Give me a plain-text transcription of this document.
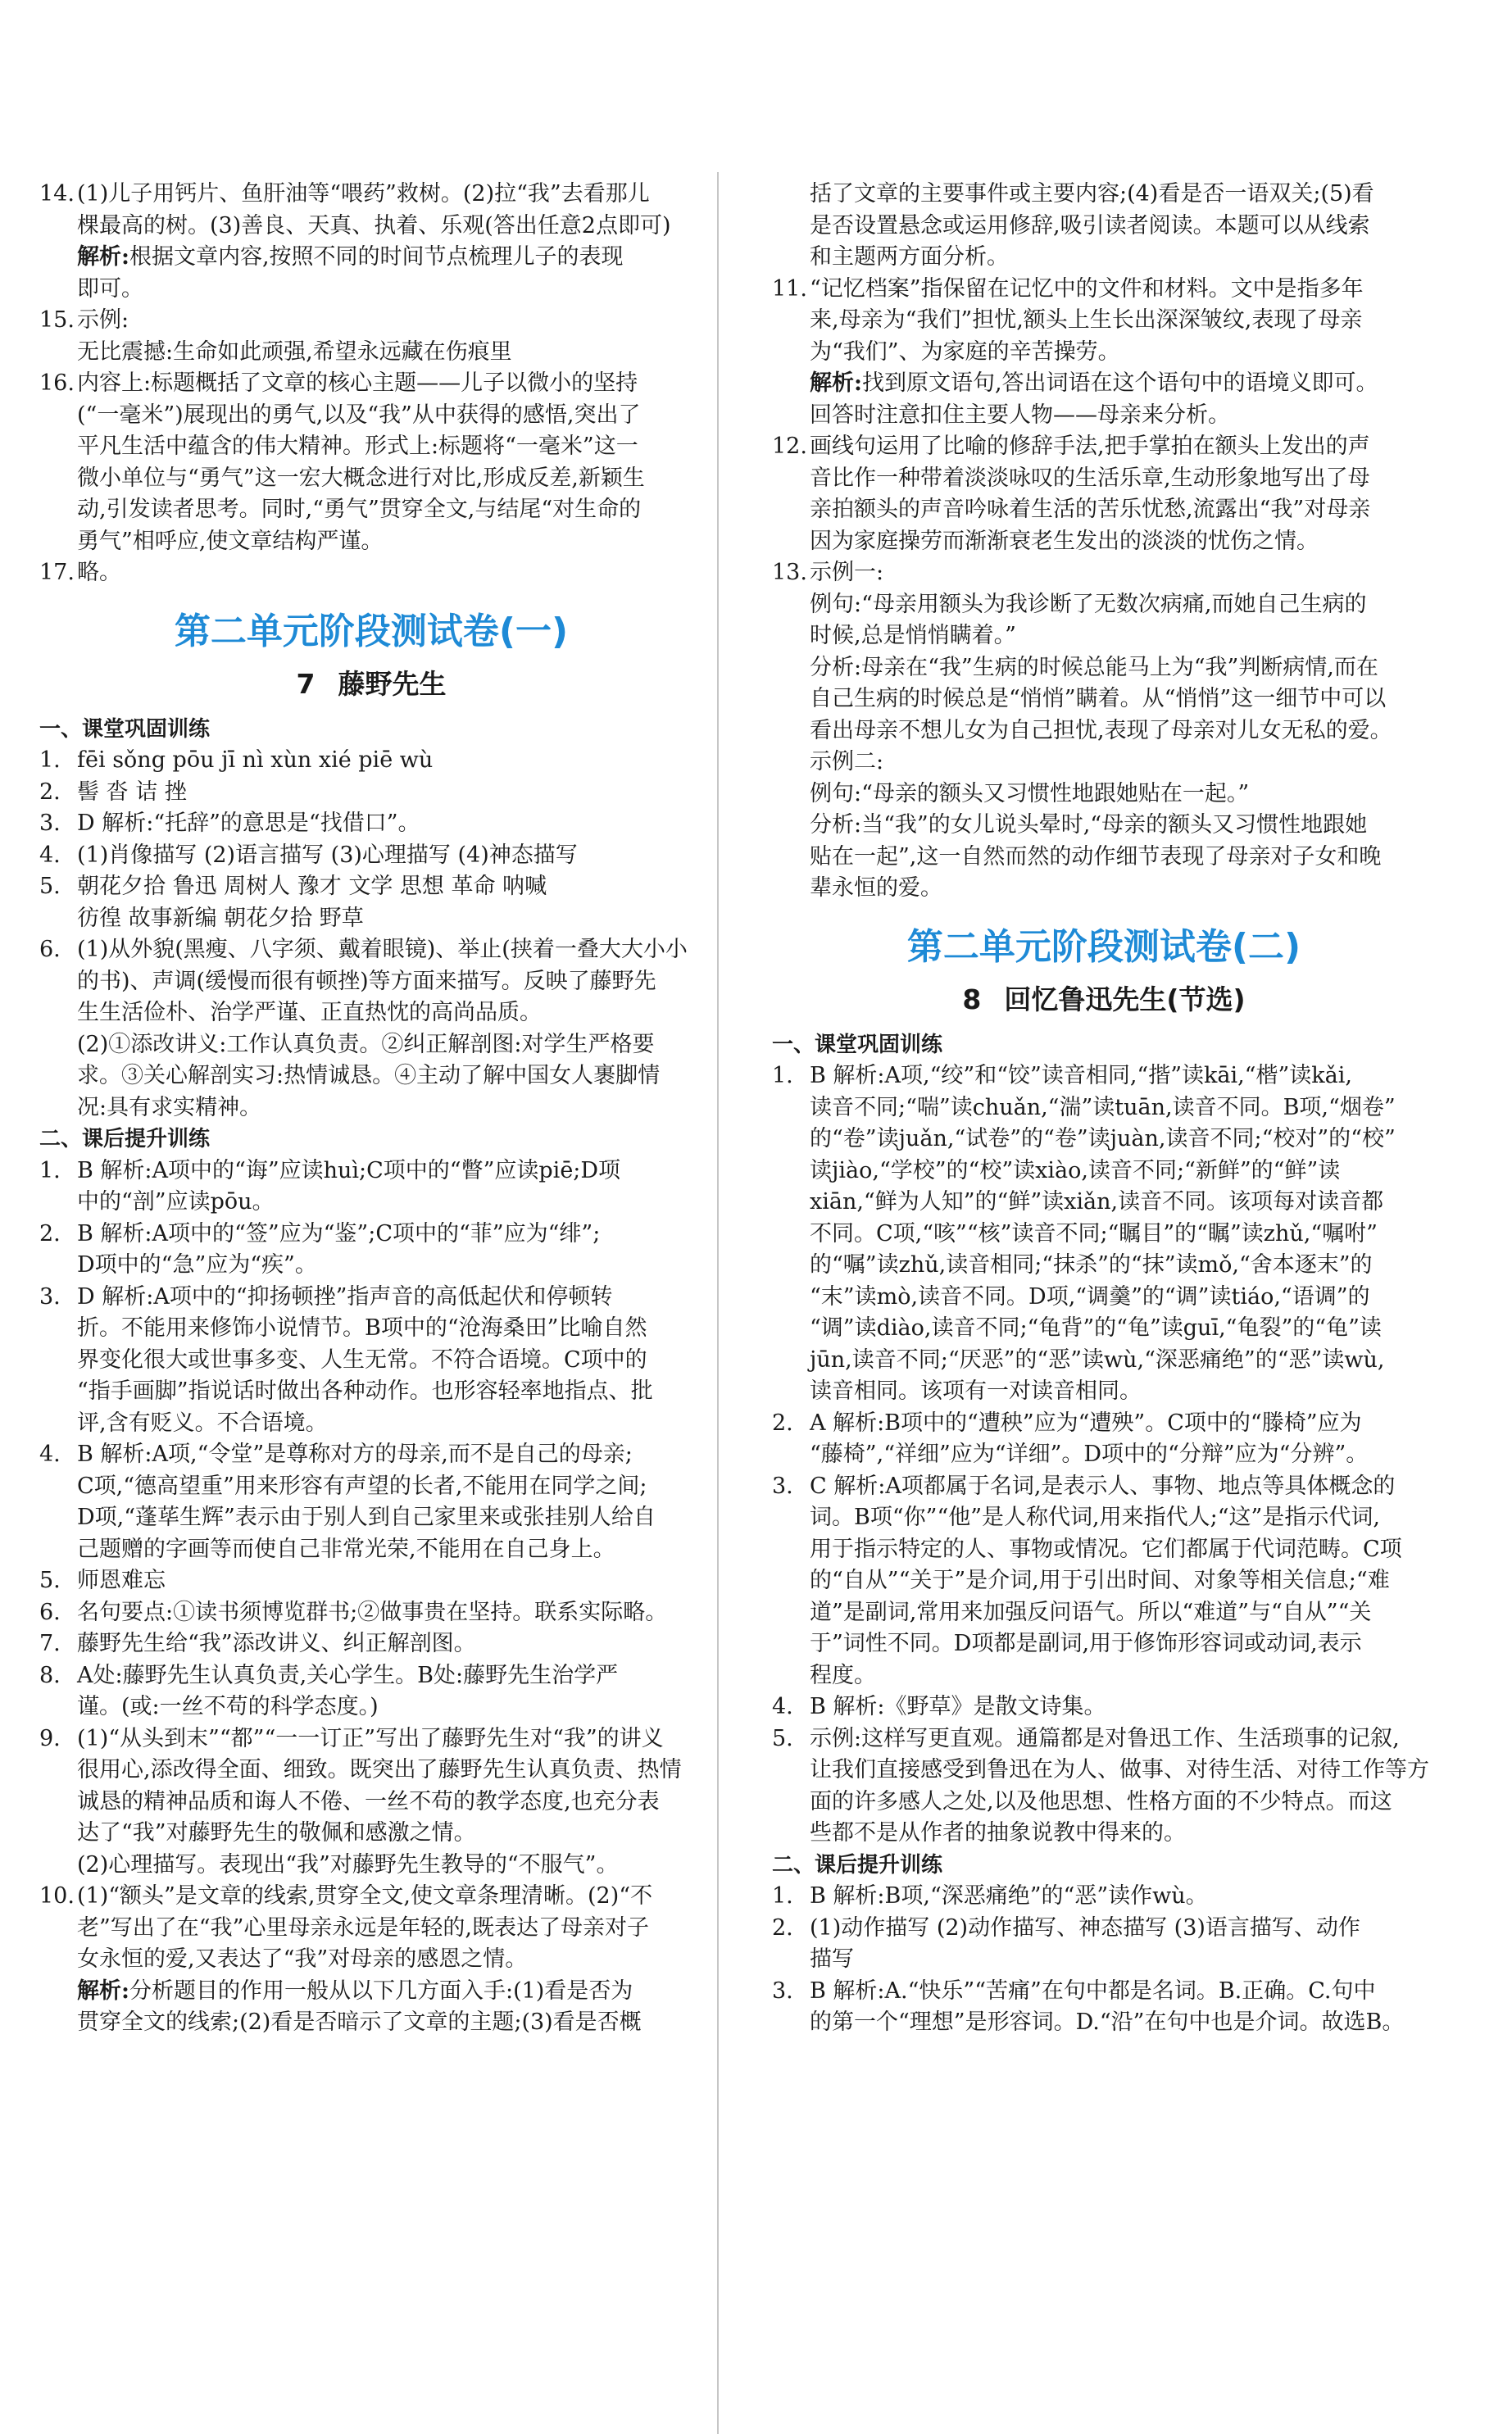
14. (1)儿子用钙片、鱼肝油等“喂药”救树。(2)拉“我”去看那儿
棵最高的树。(3)善良、天真、执着、乐观(答出任意2点即可)
解析:根据文章内容,按照不同的时间节点梳理儿子的表现
即可。
15. 示例:
无比震撼:生命如此顽强,希望永远藏在伤痕里
16. 内容上:标题概括了文章的核心主题——儿子以微小的坚持
(“一毫米”)展现出的勇气,以及“我”从中获得的感悟,突出了
平凡生活中蕴含的伟大精神。形式上:标题将“一毫米”这一
微小单位与“勇气”这一宏大概念进行对比,形成反差,新颖生
动,引发读者思考。同时,“勇气”贯穿全文,与结尾“对生命的
勇气”相呼应,使文章结构严谨。
17. 略。
第二单元阶段测试卷(一)
7 藤野先生
一、课堂巩固训练
1. fēi sǒng pōu jī nì xùn xié piē wù
2. 髻 沓 诘 挫
3. D 解析:“托辞”的意思是“找借口”。
4. (1)肖像描写 (2)语言描写 (3)心理描写 (4)神态描写
5. 朝花夕拾 鲁迅 周树人 豫才 文学 思想 革命 呐喊
彷徨 故事新编 朝花夕拾 野草
6. (1)从外貌(黑瘦、八字须、戴着眼镜)、举止(挟着一叠大大小小
的书)、声调(缓慢而很有顿挫)等方面来描写。反映了藤野先
生生活俭朴、治学严谨、正直热忱的高尚品质。
(2)①添改讲义:工作认真负责。②纠正解剖图:对学生严格要
求。③关心解剖实习:热情诚恳。④主动了解中国女人裹脚情
况:具有求实精神。
二、课后提升训练
1. B 解析:A项中的“诲”应读huì;C项中的“瞥”应读piē;D项
中的“剖”应读pōu。
2. B 解析:A项中的“签”应为“鉴”;C项中的“菲”应为“绯”;
D项中的“急”应为“疾”。
3. D 解析:A项中的“抑扬顿挫”指声音的高低起伏和停顿转
折。不能用来修饰小说情节。B项中的“沧海桑田”比喻自然
界变化很大或世事多变、人生无常。不符合语境。C项中的
“指手画脚”指说话时做出各种动作。也形容轻率地指点、批
评,含有贬义。不合语境。
4. B 解析:A项,“令堂”是尊称对方的母亲,而不是自己的母亲;
C项,“德高望重”用来形容有声望的长者,不能用在同学之间;
D项,“蓬荜生辉”表示由于别人到自己家里来或张挂别人给自
己题赠的字画等而使自己非常光荣,不能用在自己身上。
5. 师恩难忘
6. 名句要点:①读书须博览群书;②做事贵在坚持。联系实际略。
7. 藤野先生给“我”添改讲义、纠正解剖图。
8. A处:藤野先生认真负责,关心学生。B处:藤野先生治学严
谨。(或:一丝不苟的科学态度。)
9. (1)“从头到末”“都”“一一订正”写出了藤野先生对“我”的讲义
很用心,添改得全面、细致。既突出了藤野先生认真负责、热情
诚恳的精神品质和诲人不倦、一丝不苟的教学态度,也充分表
达了“我”对藤野先生的敬佩和感激之情。
(2)心理描写。表现出“我”对藤野先生教导的“不服气”。
10. (1)“额头”是文章的线索,贯穿全文,使文章条理清晰。(2)“不
老”写出了在“我”心里母亲永远是年轻的,既表达了母亲对子
女永恒的爱,又表达了“我”对母亲的感恩之情。
解析:分析题目的作用一般从以下几方面入手:(1)看是否为
贯穿全文的线索;(2)看是否暗示了文章的主题;(3)看是否概
括了文章的主要事件或主要内容;(4)看是否一语双关;(5)看
是否设置悬念或运用修辞,吸引读者阅读。本题可以从线索
和主题两方面分析。
11. “记忆档案”指保留在记忆中的文件和材料。文中是指多年
来,母亲为“我们”担忧,额头上生长出深深皱纹,表现了母亲
为“我们”、为家庭的辛苦操劳。
解析:找到原文语句,答出词语在这个语句中的语境义即可。
回答时注意扣住主要人物——母亲来分析。
12. 画线句运用了比喻的修辞手法,把手掌拍在额头上发出的声
音比作一种带着淡淡咏叹的生活乐章,生动形象地写出了母
亲拍额头的声音吟咏着生活的苦乐忧愁,流露出“我”对母亲
因为家庭操劳而渐渐衰老生发出的淡淡的忧伤之情。
13. 示例一:
例句:“母亲用额头为我诊断了无数次病痛,而她自己生病的
时候,总是悄悄瞒着。”
分析:母亲在“我”生病的时候总能马上为“我”判断病情,而在
自己生病的时候总是“悄悄”瞒着。从“悄悄”这一细节中可以
看出母亲不想儿女为自己担忧,表现了母亲对儿女无私的爱。
示例二:
例句:“母亲的额头又习惯性地跟她贴在一起。”
分析:当“我”的女儿说头晕时,“母亲的额头又习惯性地跟她
贴在一起”,这一自然而然的动作细节表现了母亲对子女和晚
辈永恒的爱。
第二单元阶段测试卷(二)
8 回忆鲁迅先生(节选)
一、课堂巩固训练
1. B 解析:A项,“绞”和“饺”读音相同,“揩”读kāi,“楷”读kǎi,
读音不同;“喘”读chuǎn,“湍”读tuān,读音不同。B项,“烟卷”
的“卷”读juǎn,“试卷”的“卷”读juàn,读音不同;“校对”的“校”
读jiào,“学校”的“校”读xiào,读音不同;“新鲜”的“鲜”读
xiān,“鲜为人知”的“鲜”读xiǎn,读音不同。该项每对读音都
不同。C项,“咳”“核”读音不同;“瞩目”的“瞩”读zhǔ,“嘱咐”
的“嘱”读zhǔ,读音相同;“抹杀”的“抹”读mǒ,“舍本逐末”的
“末”读mò,读音不同。D项,“调羹”的“调”读tiáo,“语调”的
“调”读diào,读音不同;“龟背”的“龟”读guī,“龟裂”的“龟”读
jūn,读音不同;“厌恶”的“恶”读wù,“深恶痛绝”的“恶”读wù,
读音相同。该项有一对读音相同。
2. A 解析:B项中的“遭秧”应为“遭殃”。C项中的“滕椅”应为
“藤椅”,“祥细”应为“详细”。D项中的“分辩”应为“分辨”。
3. C 解析:A项都属于名词,是表示人、事物、地点等具体概念的
词。B项“你”“他”是人称代词,用来指代人;“这”是指示代词,
用于指示特定的人、事物或情况。它们都属于代词范畴。C项
的“自从”“关于”是介词,用于引出时间、对象等相关信息;“难
道”是副词,常用来加强反问语气。所以“难道”与“自从”“关
于”词性不同。D项都是副词,用于修饰形容词或动词,表示
程度。
4. B 解析:《野草》是散文诗集。
5. 示例:这样写更直观。通篇都是对鲁迅工作、生活琐事的记叙,
让我们直接感受到鲁迅在为人、做事、对待生活、对待工作等方
面的许多感人之处,以及他思想、性格方面的不少特点。而这
些都不是从作者的抽象说教中得来的。
二、课后提升训练
1. B 解析:B项,“深恶痛绝”的“恶”读作wù。
2. (1)动作描写 (2)动作描写、神态描写 (3)语言描写、动作
描写
3. B 解析:A.“快乐”“苦痛”在句中都是名词。B.正确。C.句中
的第一个“理想”是形容词。D.“沿”在句中也是介词。故选B。
